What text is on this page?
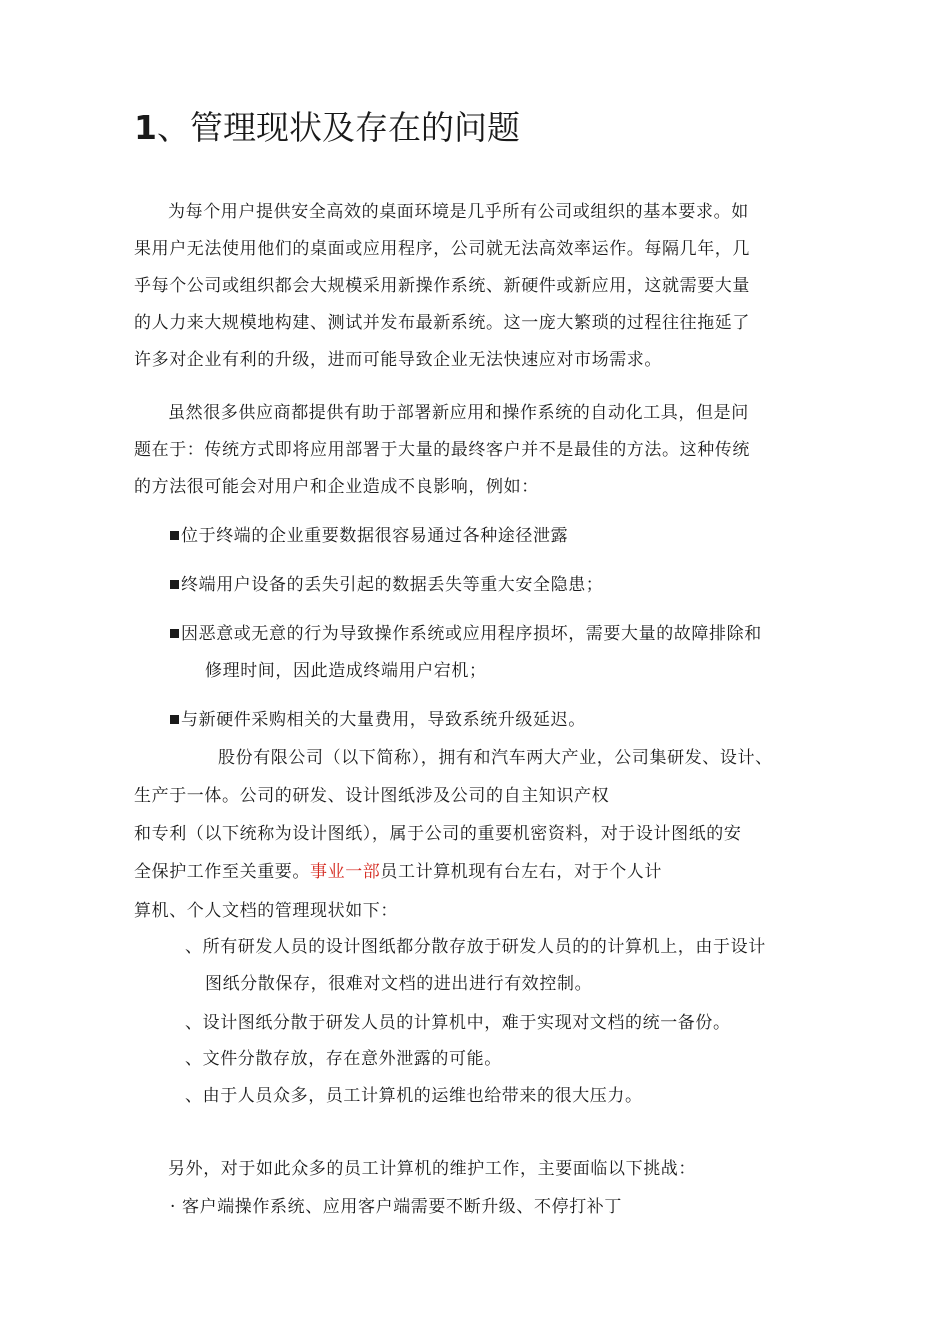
1、管理现状及存在的问题
为每个用户提供安全高效的桌面环境是几乎所有公司或组织的基本要求。如
果用户无法使用他们的桌面或应用程序，公司就无法高效率运作。每隔几年，几
乎每个公司或组织都会大规模采用新操作系统、新硬件或新应用，这就需要大量
的人力来大规模地构建、测试并发布最新系统。这一庞大繁琐的过程往往拖延了
许多对企业有利的升级，进而可能导致企业无法快速应对市场需求。
虽然很多供应商都提供有助于部署新应用和操作系统的自动化工具，但是问
题在于：传统方式即将应用部署于大量的最终客户并不是最佳的方法。这种传统
的方法很可能会对用户和企业造成不良影响，例如：
位于终端的企业重要数据很容易通过各种途径泄露
终端用户设备的丢失引起的数据丢失等重大安全隐患；
因恶意或无意的行为导致操作系统或应用程序损坏，需要大量的故障排除和
修理时间，因此造成终端用户宕机；
与新硬件采购相关的大量费用，导致系统升级延迟。
股份有限公司（以下简称），拥有和汽车两大产业，公司集研发、设计、
生产于一体。公司的研发、设计图纸涉及公司的自主知识产权
和专利（以下统称为设计图纸），属于公司的重要机密资料，对于设计图纸的安
全保护工作至关重要。事业一部员工计算机现有台左右，对于个人计
算机、个人文档的管理现状如下：
、所有研发人员的设计图纸都分散存放于研发人员的的计算机上，由于设计
图纸分散保存，很难对文档的进出进行有效控制。
、设计图纸分散于研发人员的计算机中，难于实现对文档的统一备份。
、文件分散存放，存在意外泄露的可能。
、由于人员众多，员工计算机的运维也给带来的很大压力。
另外，对于如此众多的员工计算机的维护工作，主要面临以下挑战：
· 客户端操作系统、应用客户端需要不断升级、不停打补丁
